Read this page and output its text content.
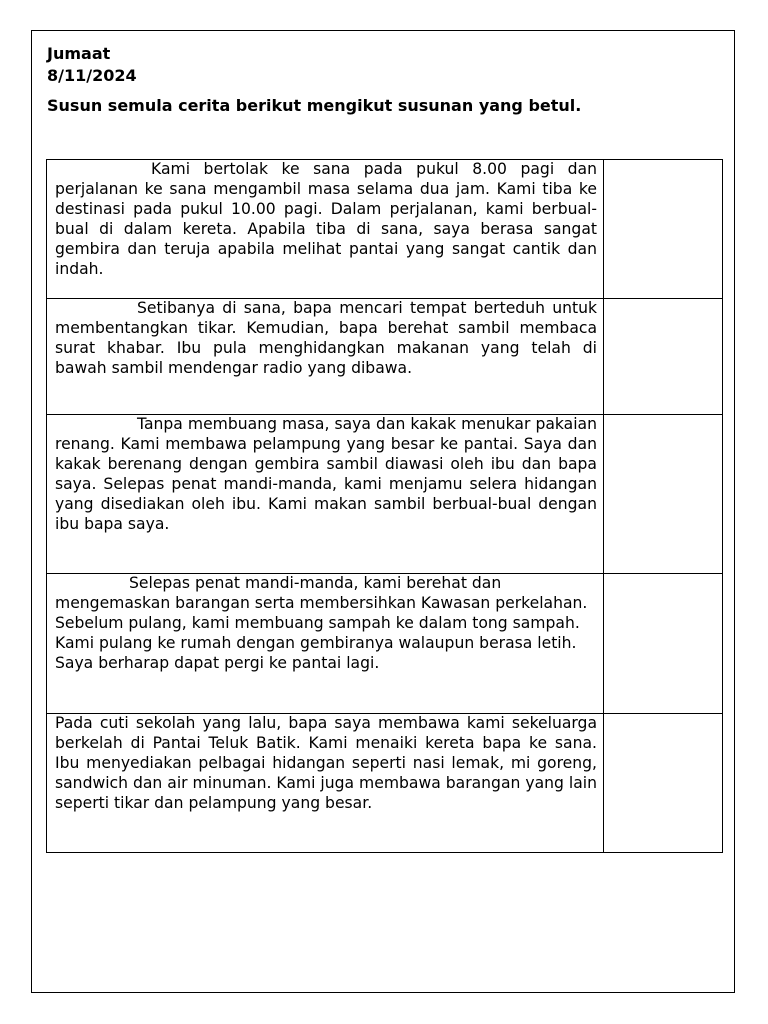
Jumaat
8/11/2024
Susun semula cerita berikut mengikut susunan yang betul.
Kami bertolak ke sana pada pukul 8.00 pagi dan perjalanan ke sana mengambil masa selama dua jam. Kami tiba ke destinasi pada pukul 10.00 pagi. Dalam perjalanan, kami berbual-bual di dalam kereta. Apabila tiba di sana, saya berasa sangat gembira dan teruja apabila melihat pantai yang sangat cantik dan indah.	

Setibanya di sana, bapa mencari tempat berteduh untuk membentangkan tikar. Kemudian, bapa berehat sambil membaca surat khabar. Ibu pula menghidangkan makanan yang telah di bawah sambil mendengar radio yang dibawa.	

Tanpa membuang masa, saya dan kakak menukar pakaian renang. Kami membawa pelampung yang besar ke pantai. Saya dan kakak berenang dengan gembira sambil diawasi oleh ibu dan bapa saya. Selepas penat mandi-manda, kami menjamu selera hidangan yang disediakan oleh ibu. Kami makan sambil berbual-bual dengan ibu bapa saya.	

Selepas penat mandi-manda, kami berehat dan mengemaskan barangan serta membersihkan Kawasan perkelahan. Sebelum pulang, kami membuang sampah ke dalam tong sampah. Kami pulang ke rumah dengan gembiranya walaupun berasa letih. Saya berharap dapat pergi ke pantai lagi.	

Pada cuti sekolah yang lalu, bapa saya membawa kami sekeluarga berkelah di Pantai Teluk Batik. Kami menaiki kereta bapa ke sana. Ibu menyediakan pelbagai hidangan seperti nasi lemak, mi goreng, sandwich dan air minuman. Kami juga membawa barangan yang lain seperti tikar dan pelampung yang besar.	
